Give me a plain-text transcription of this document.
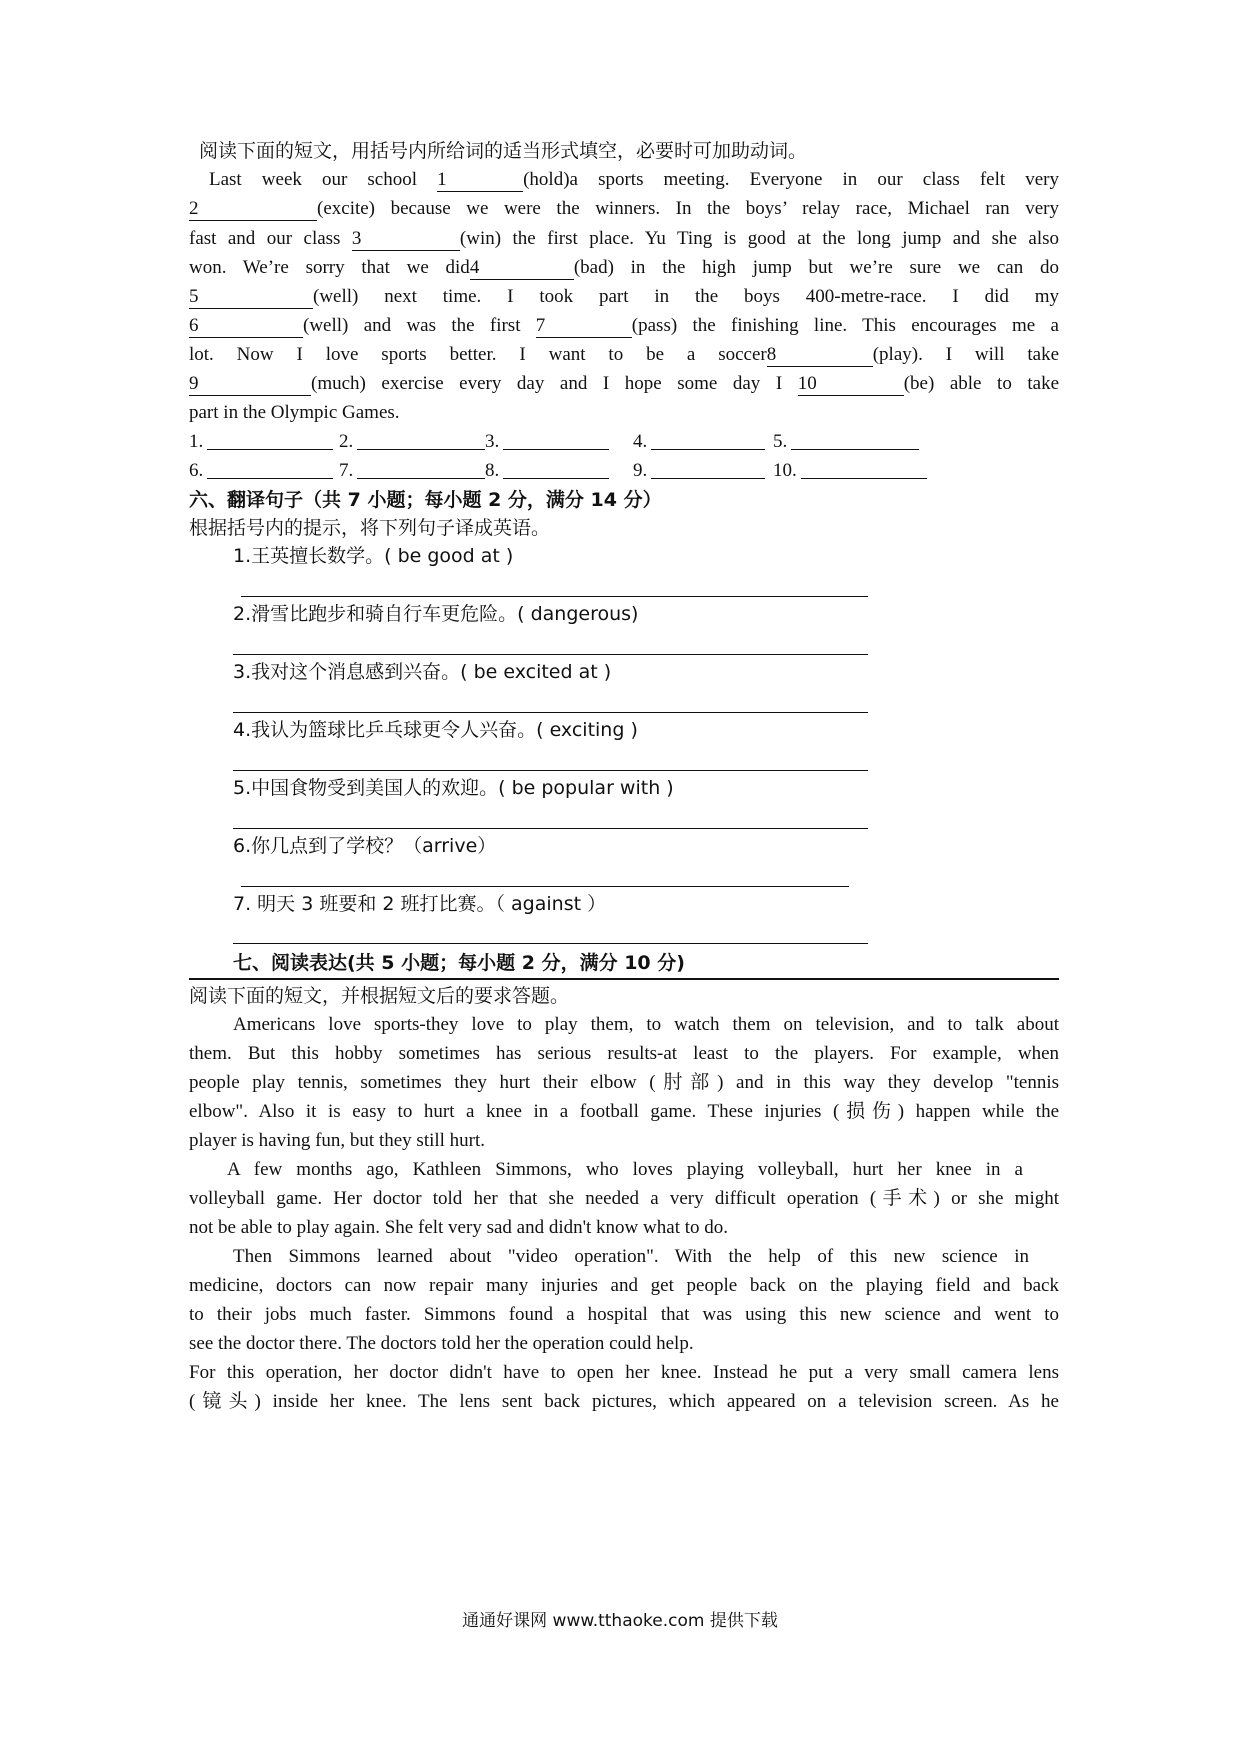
阅读下面的短文，用括号内所给词的适当形式填空，必要时可加助动词。
Last week our school 1	(hold)a sports meeting. Everyone in our class felt very
2	(excite) because we were the winners. In the boys’ relay race, Michael ran very
fast and our class 3	(win) the first place. Yu Ting is good at the long jump and she also
won. We’re sorry that we did4	(bad) in the high jump but we’re sure we can do
5	(well) next time. I took part in the boys 400-metre-race. I did my
6	(well) and was the first 7	(pass) the finishing line. This encourages me a
lot. Now I love sports better. I want to be a soccer8	(play). I will take
9	(much) exercise every day and I hope some day I 10	(be) able to take
part in the Olympic Games.
1.	2.	3.	4.	5.
6.	7.	8.	9.	10.
六、翻译句子（共 7 小题；每小题 2 分，满分 14 分）
根据括号内的提示，将下列句子译成英语。
1.王英擅长数学。( be good at )
2.滑雪比跑步和骑自行车更危险。( dangerous)
3.我对这个消息感到兴奋。( be excited at )
4.我认为篮球比乒乓球更令人兴奋。( exciting )
5.中国食物受到美国人的欢迎。( be popular with )
6.你几点到了学校？（arrive）
7. 明天 3 班要和 2 班打比赛。（ against ）
七、阅读表达(共 5 小题；每小题 2 分，满分 10 分)
阅读下面的短文，并根据短文后的要求答题。
Americans love sports-they love to play them, to watch them on television, and to talk about
them. But this hobby sometimes has serious results-at least to the players. For example, when
people play tennis, sometimes they hurt their elbow (肘部) and in this way they develop "tennis
elbow". Also it is easy to hurt a knee in a football game. These injuries (损伤) happen while the
player is having fun, but they still hurt.
A few months ago, Kathleen Simmons, who loves playing volleyball, hurt her knee in a
volleyball game. Her doctor told her that she needed a very difficult operation (手术) or she might
not be able to play again. She felt very sad and didn't know what to do.
Then Simmons learned about "video operation". With the help of this new science in
medicine, doctors can now repair many injuries and get people back on the playing field and back
to their jobs much faster. Simmons found a hospital that was using this new science and went to
see the doctor there. The doctors told her the operation could help.
For this operation, her doctor didn't have to open her knee. Instead he put a very small camera lens
(镜头) inside her knee. The lens sent back pictures, which appeared on a television screen. As he
通通好课网 www.tthaoke.com 提供下载
